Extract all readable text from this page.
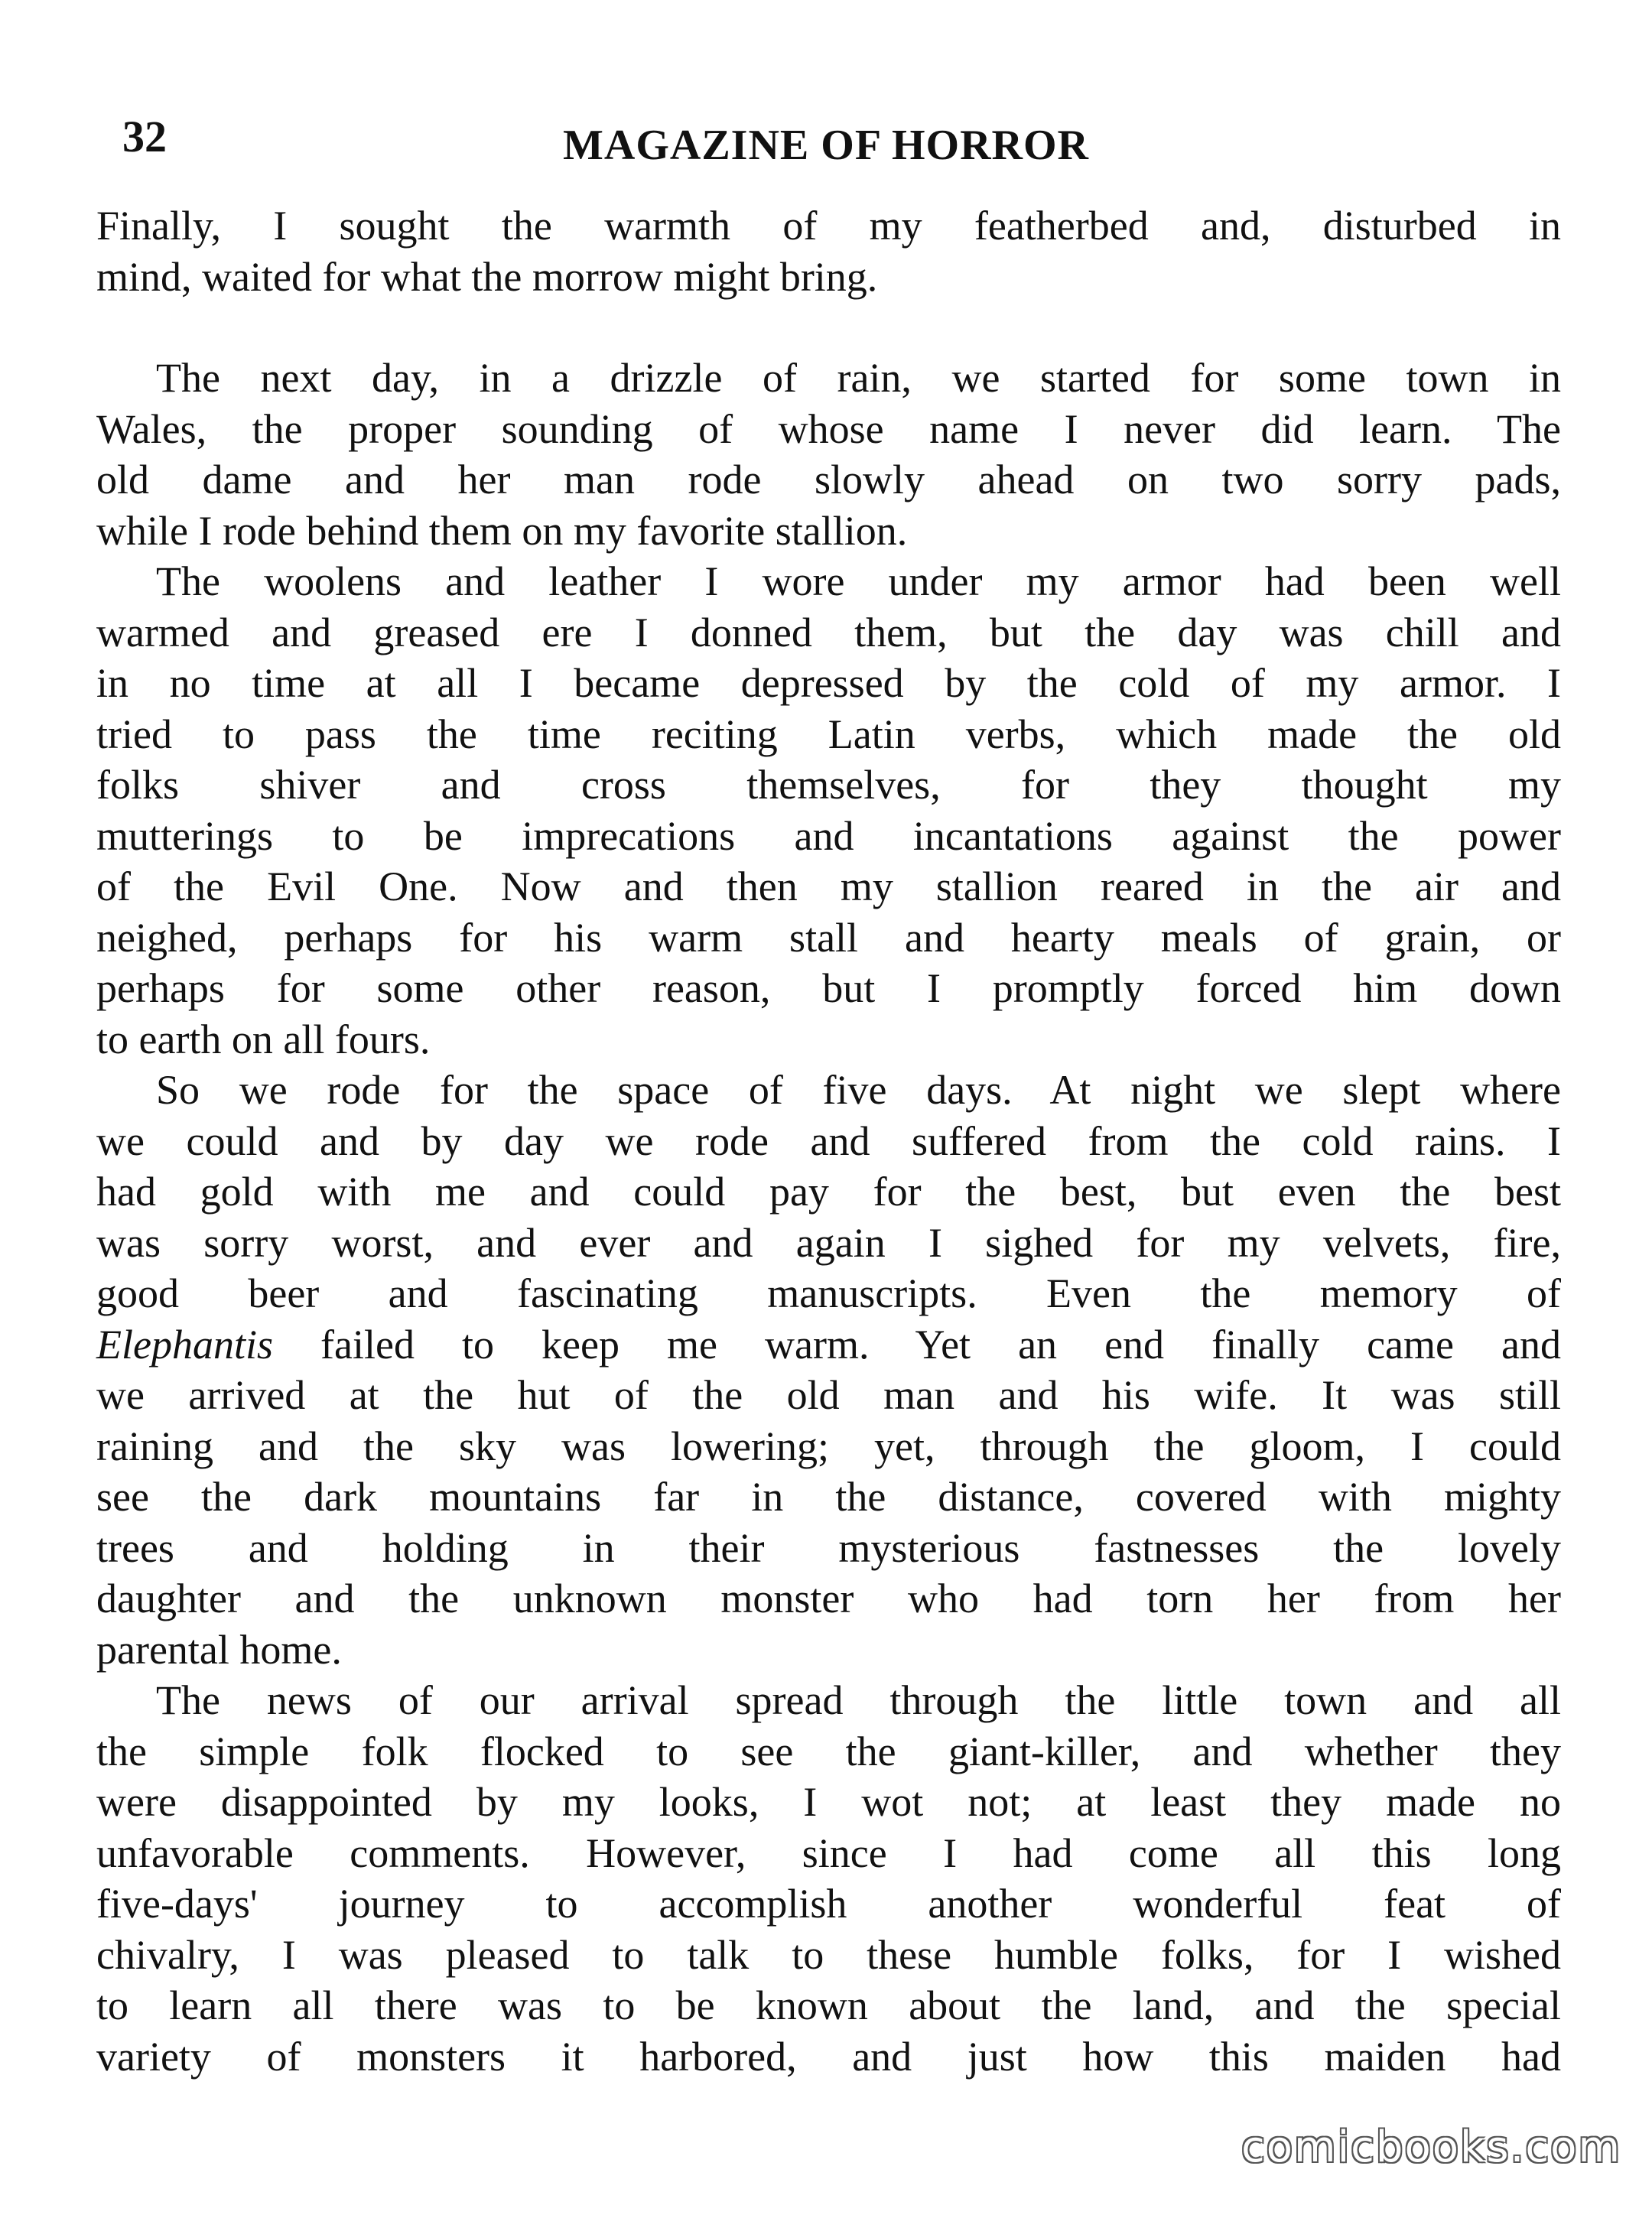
32	MAGAZINE OF HORROR
Finally, I sought the warmth of my featherbed and, disturbed in
mind, waited for what the morrow might bring.
The next day, in a drizzle of rain, we started for some town in
Wales, the proper sounding of whose name I never did learn. The
old dame and her man rode slowly ahead on two sorry pads,
while I rode behind them on my favorite stallion.
The woolens and leather I wore under my armor had been well
warmed and greased ere I donned them, but the day was chill and
in no time at all I became depressed by the cold of my armor. I
tried to pass the time reciting Latin verbs, which made the old
folks shiver and cross themselves, for they thought my
mutterings to be imprecations and incantations against the power
of the Evil One. Now and then my stallion reared in the air and
neighed, perhaps for his warm stall and hearty meals of grain, or
perhaps for some other reason, but I promptly forced him down
to earth on all fours.
So we rode for the space of five days. At night we slept where
we could and by day we rode and suffered from the cold rains. I
had gold with me and could pay for the best, but even the best
was sorry worst, and ever and again I sighed for my velvets, fire,
good beer and fascinating manuscripts. Even the memory of
Elephantis failed to keep me warm. Yet an end finally came and
we arrived at the hut of the old man and his wife. It was still
raining and the sky was lowering; yet, through the gloom, I could
see the dark mountains far in the distance, covered with mighty
trees and holding in their mysterious fastnesses the lovely
daughter and the unknown monster who had torn her from her
parental home.
The news of our arrival spread through the little town and all
the simple folk flocked to see the giant-killer, and whether they
were disappointed by my looks, I wot not; at least they made no
unfavorable comments. However, since I had come all this long
five-days' journey to accomplish another wonderful feat of
chivalry, I was pleased to talk to these humble folks, for I wished
to learn all there was to be known about the land, and the special
variety of monsters it harbored, and just how this maiden had
comicbooks.com
